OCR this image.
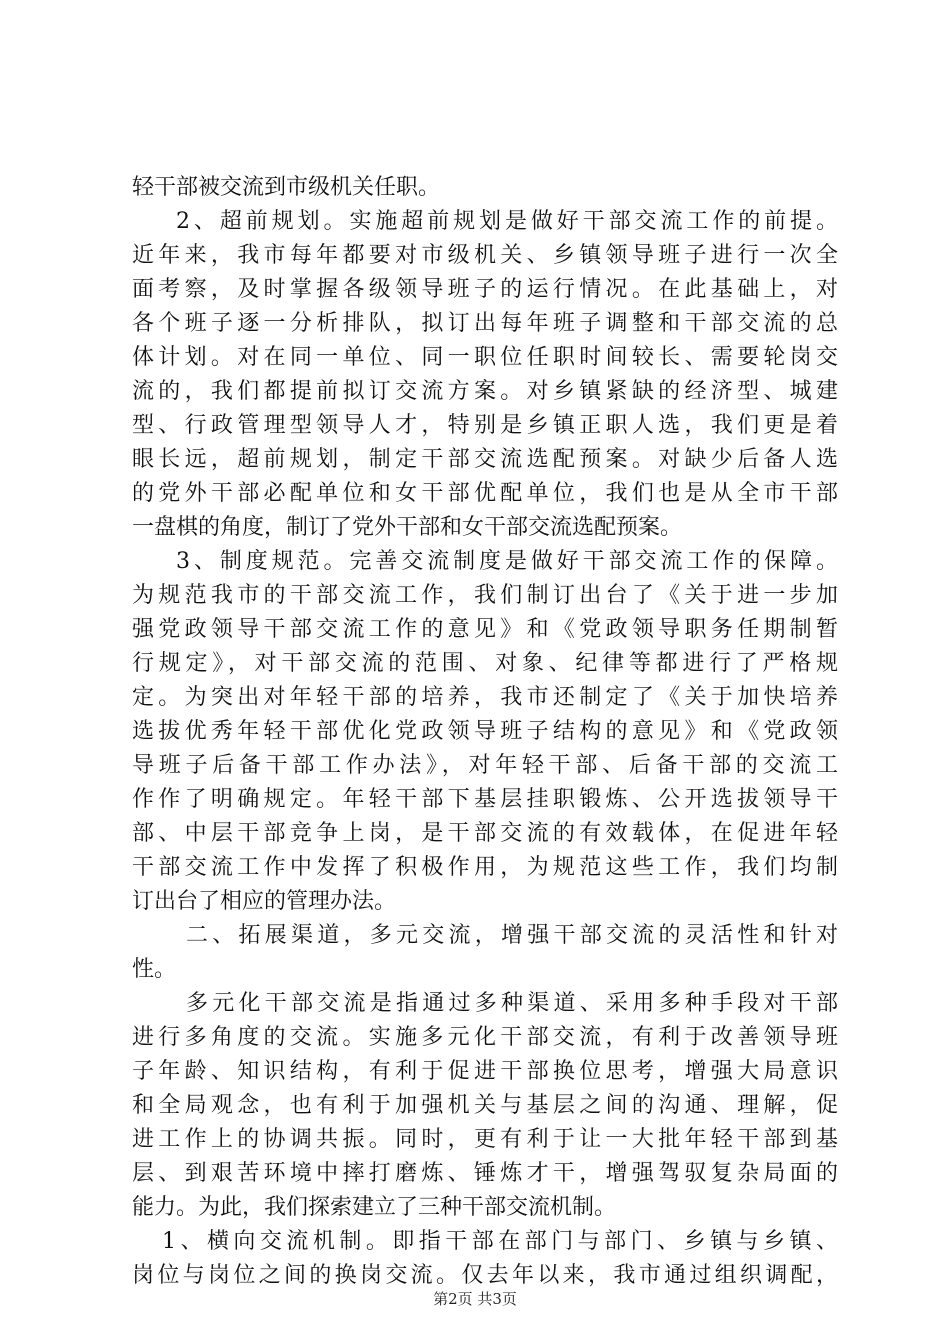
轻干部被交流到市级机关任职。
2、超前规划。实施超前规划是做好干部交流工作的前提。
近年来，我市每年都要对市级机关、乡镇领导班子进行一次全
面考察，及时掌握各级领导班子的运行情况。在此基础上，对
各个班子逐一分析排队，拟订出每年班子调整和干部交流的总
体计划。对在同一单位、同一职位任职时间较长、需要轮岗交
流的，我们都提前拟订交流方案。对乡镇紧缺的经济型、城建
型、行政管理型领导人才，特别是乡镇正职人选，我们更是着
眼长远，超前规划，制定干部交流选配预案。对缺少后备人选
的党外干部必配单位和女干部优配单位，我们也是从全市干部
一盘棋的角度，制订了党外干部和女干部交流选配预案。
3、制度规范。完善交流制度是做好干部交流工作的保障。
为规范我市的干部交流工作，我们制订出台了《关于进一步加
强党政领导干部交流工作的意见》和《党政领导职务任期制暂
行规定》，对干部交流的范围、对象、纪律等都进行了严格规
定。为突出对年轻干部的培养，我市还制定了《关于加快培养
选拔优秀年轻干部优化党政领导班子结构的意见》和《党政领
导班子后备干部工作办法》，对年轻干部、后备干部的交流工
作作了明确规定。年轻干部下基层挂职锻炼、公开选拔领导干
部、中层干部竞争上岗，是干部交流的有效载体，在促进年轻
干部交流工作中发挥了积极作用，为规范这些工作，我们均制
订出台了相应的管理办法。
二、拓展渠道，多元交流，增强干部交流的灵活性和针对
性。
多元化干部交流是指通过多种渠道、采用多种手段对干部
进行多角度的交流。实施多元化干部交流，有利于改善领导班
子年龄、知识结构，有利于促进干部换位思考，增强大局意识
和全局观念，也有利于加强机关与基层之间的沟通、理解，促
进工作上的协调共振。同时，更有利于让一大批年轻干部到基
层、到艰苦环境中摔打磨炼、锤炼才干，增强驾驭复杂局面的
能力。为此，我们探索建立了三种干部交流机制。
1、横向交流机制。即指干部在部门与部门、乡镇与乡镇、
岗位与岗位之间的换岗交流。仅去年以来，我市通过组织调配，
第2页 共3页
